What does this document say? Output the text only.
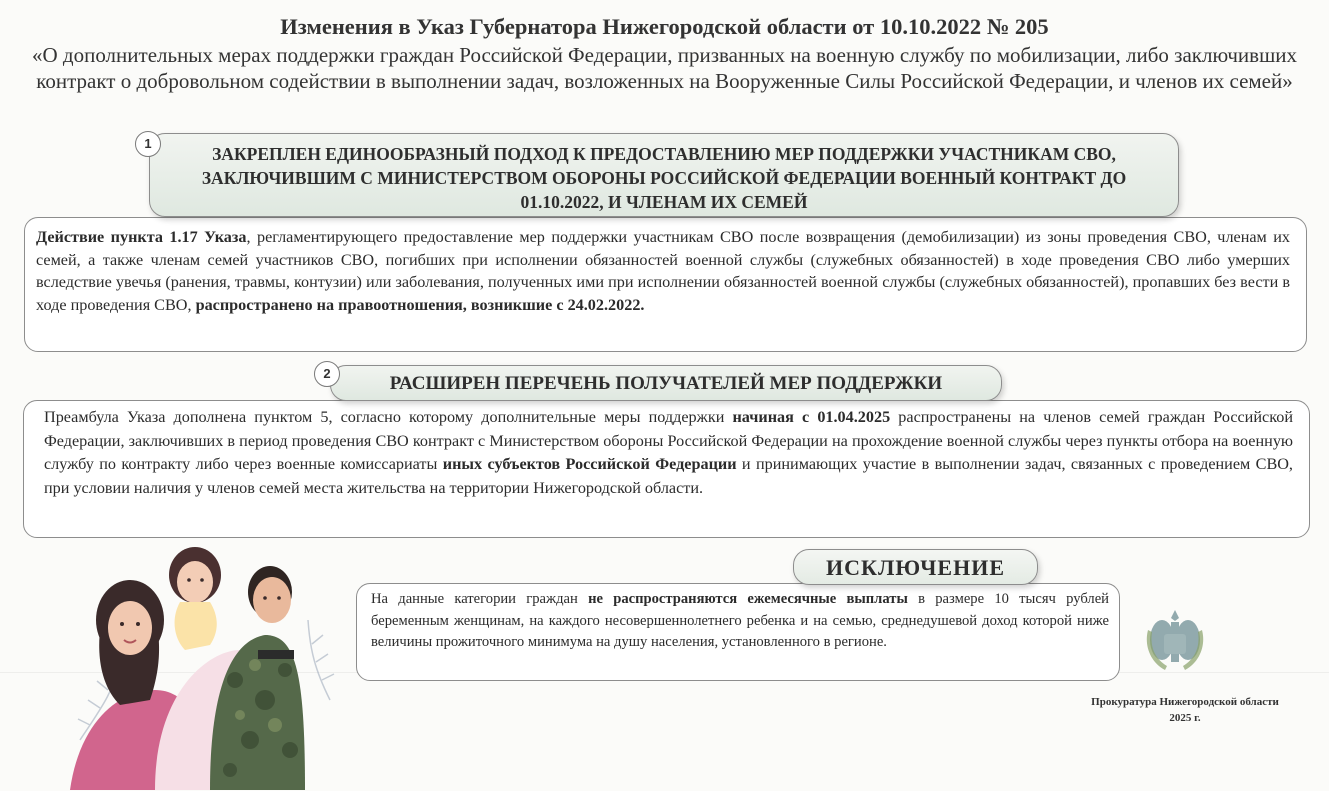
Изменения в Указ Губернатора Нижегородской области от 10.10.2022 № 205
«О дополнительных мерах поддержки граждан Российской Федерации, призванных на военную службу по мобилизации, либо заключивших контракт о добровольном содействии в выполнении задач, возложенных на Вооруженные Силы Российской Федерации, и членов их семей»
1
ЗАКРЕПЛЕН ЕДИНООБРАЗНЫЙ ПОДХОД К ПРЕДОСТАВЛЕНИЮ МЕР ПОДДЕРЖКИ УЧАСТНИКАМ СВО, ЗАКЛЮЧИВШИМ С МИНИСТЕРСТВОМ ОБОРОНЫ РОССИЙСКОЙ ФЕДЕРАЦИИ ВОЕННЫЙ КОНТРАКТ ДО 01.10.2022, И ЧЛЕНАМ ИХ СЕМЕЙ
Действие пункта 1.17 Указа, регламентирующего предоставление мер поддержки участникам СВО после возвращения (демобилизации) из зоны проведения СВО, членам их семей, а также членам семей участников СВО, погибших при исполнении обязанностей военной службы (служебных обязанностей) в ходе проведения СВО либо умерших вследствие увечья (ранения, травмы, контузии) или заболевания, полученных ими при исполнении обязанностей военной службы (служебных обязанностей), пропавших без вести в ходе проведения СВО, распространено на правоотношения, возникшие с 24.02.2022.
2	РАСШИРЕН ПЕРЕЧЕНЬ ПОЛУЧАТЕЛЕЙ МЕР ПОДДЕРЖКИ
Преамбула Указа дополнена пунктом 5, согласно которому дополнительные меры поддержки начиная с 01.04.2025 распространены на членов семей граждан Российской Федерации, заключивших в период проведения СВО контракт с Министерством обороны Российской Федерации на прохождение военной службы через пункты отбора на военную службу по контракту либо через военные комиссариаты иных субъектов Российской Федерации и принимающих участие в выполнении задач, связанных с проведением СВО, при условии наличия у членов семей места жительства на территории Нижегородской области.
ИСКЛЮЧЕНИЕ
На данные категории граждан не распространяются ежемесячные выплаты в размере 10 тысяч рублей беременным женщинам, на каждого несовершеннолетнего ребенка и на семью, среднедушевой доход которой ниже величины прожиточного минимума на душу населения, установленного в регионе.
Прокуратура Нижегородской области
2025 г.
